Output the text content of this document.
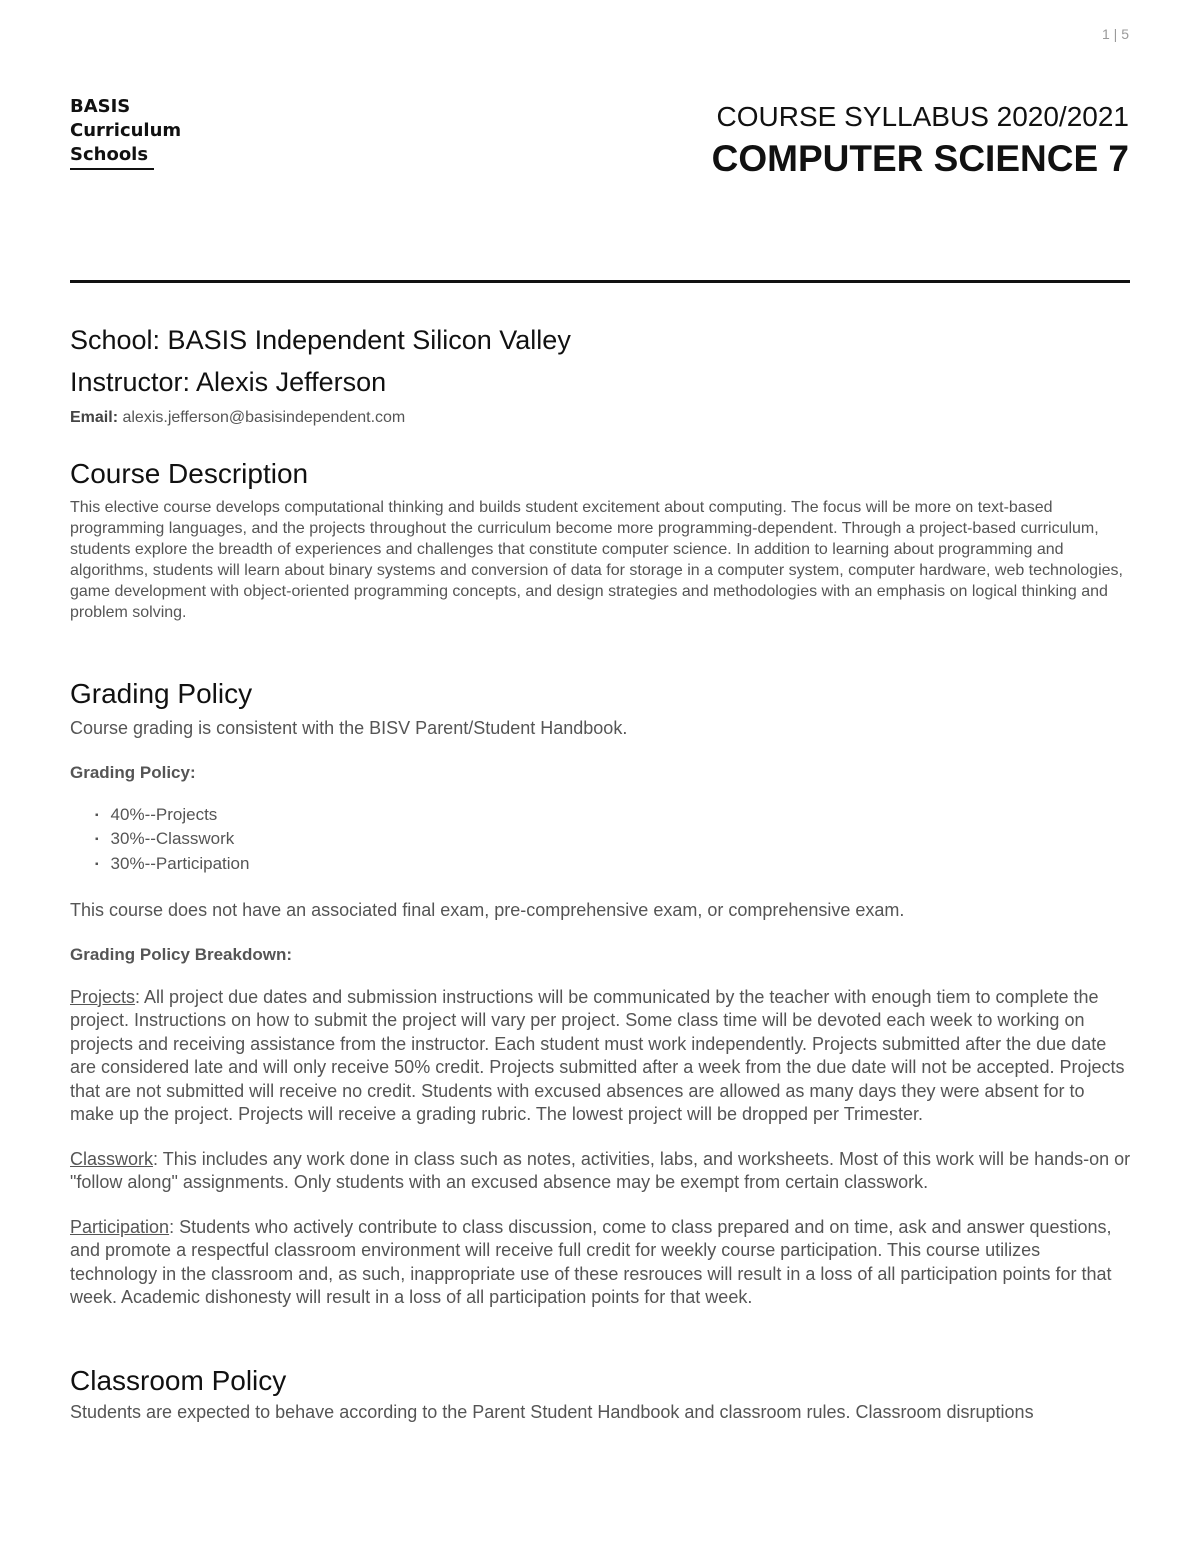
1 | 5
BASIS
Curriculum
Schools
COURSE SYLLABUS 2020/2021
COMPUTER SCIENCE 7
School: BASIS Independent Silicon Valley
Instructor: Alexis Jefferson
Email: alexis.jefferson@basisindependent.com
Course Description
This elective course develops computational thinking and builds student excitement about computing. The focus will be more on text-based programming languages, and the projects throughout the curriculum become more programming-dependent. Through a project-based curriculum, students explore the breadth of experiences and challenges that constitute computer science. In addition to learning about programming and algorithms, students will learn about binary systems and conversion of data for storage in a computer system, computer hardware, web technologies, game development with object-oriented programming concepts, and design strategies and methodologies with an emphasis on logical thinking and problem solving.
Grading Policy
Course grading is consistent with the BISV Parent/Student Handbook.
Grading Policy:
▪ 40%--Projects
▪ 30%--Classwork
▪ 30%--Participation
This course does not have an associated final exam, pre-comprehensive exam, or comprehensive exam.
Grading Policy Breakdown:
Projects: All project due dates and submission instructions will be communicated by the teacher with enough tiem to complete the project. Instructions on how to submit the project will vary per project. Some class time will be devoted each week to working on projects and receiving assistance from the instructor. Each student must work independently. Projects submitted after the due date are considered late and will only receive 50% credit. Projects submitted after a week from the due date will not be accepted. Projects that are not submitted will receive no credit. Students with excused absences are allowed as many days they were absent for to make up the project. Projects will receive a grading rubric. The lowest project will be dropped per Trimester.
Classwork: This includes any work done in class such as notes, activities, labs, and worksheets. Most of this work will be hands-on or "follow along" assignments. Only students with an excused absence may be exempt from certain classwork.
Participation: Students who actively contribute to class discussion, come to class prepared and on time, ask and answer questions, and promote a respectful classroom environment will receive full credit for weekly course participation. This course utilizes technology in the classroom and, as such, inappropriate use of these resrouces will result in a loss of all participation points for that week. Academic dishonesty will result in a loss of all participation points for that week.
Classroom Policy
Students are expected to behave according to the Parent Student Handbook and classroom rules. Classroom disruptions
